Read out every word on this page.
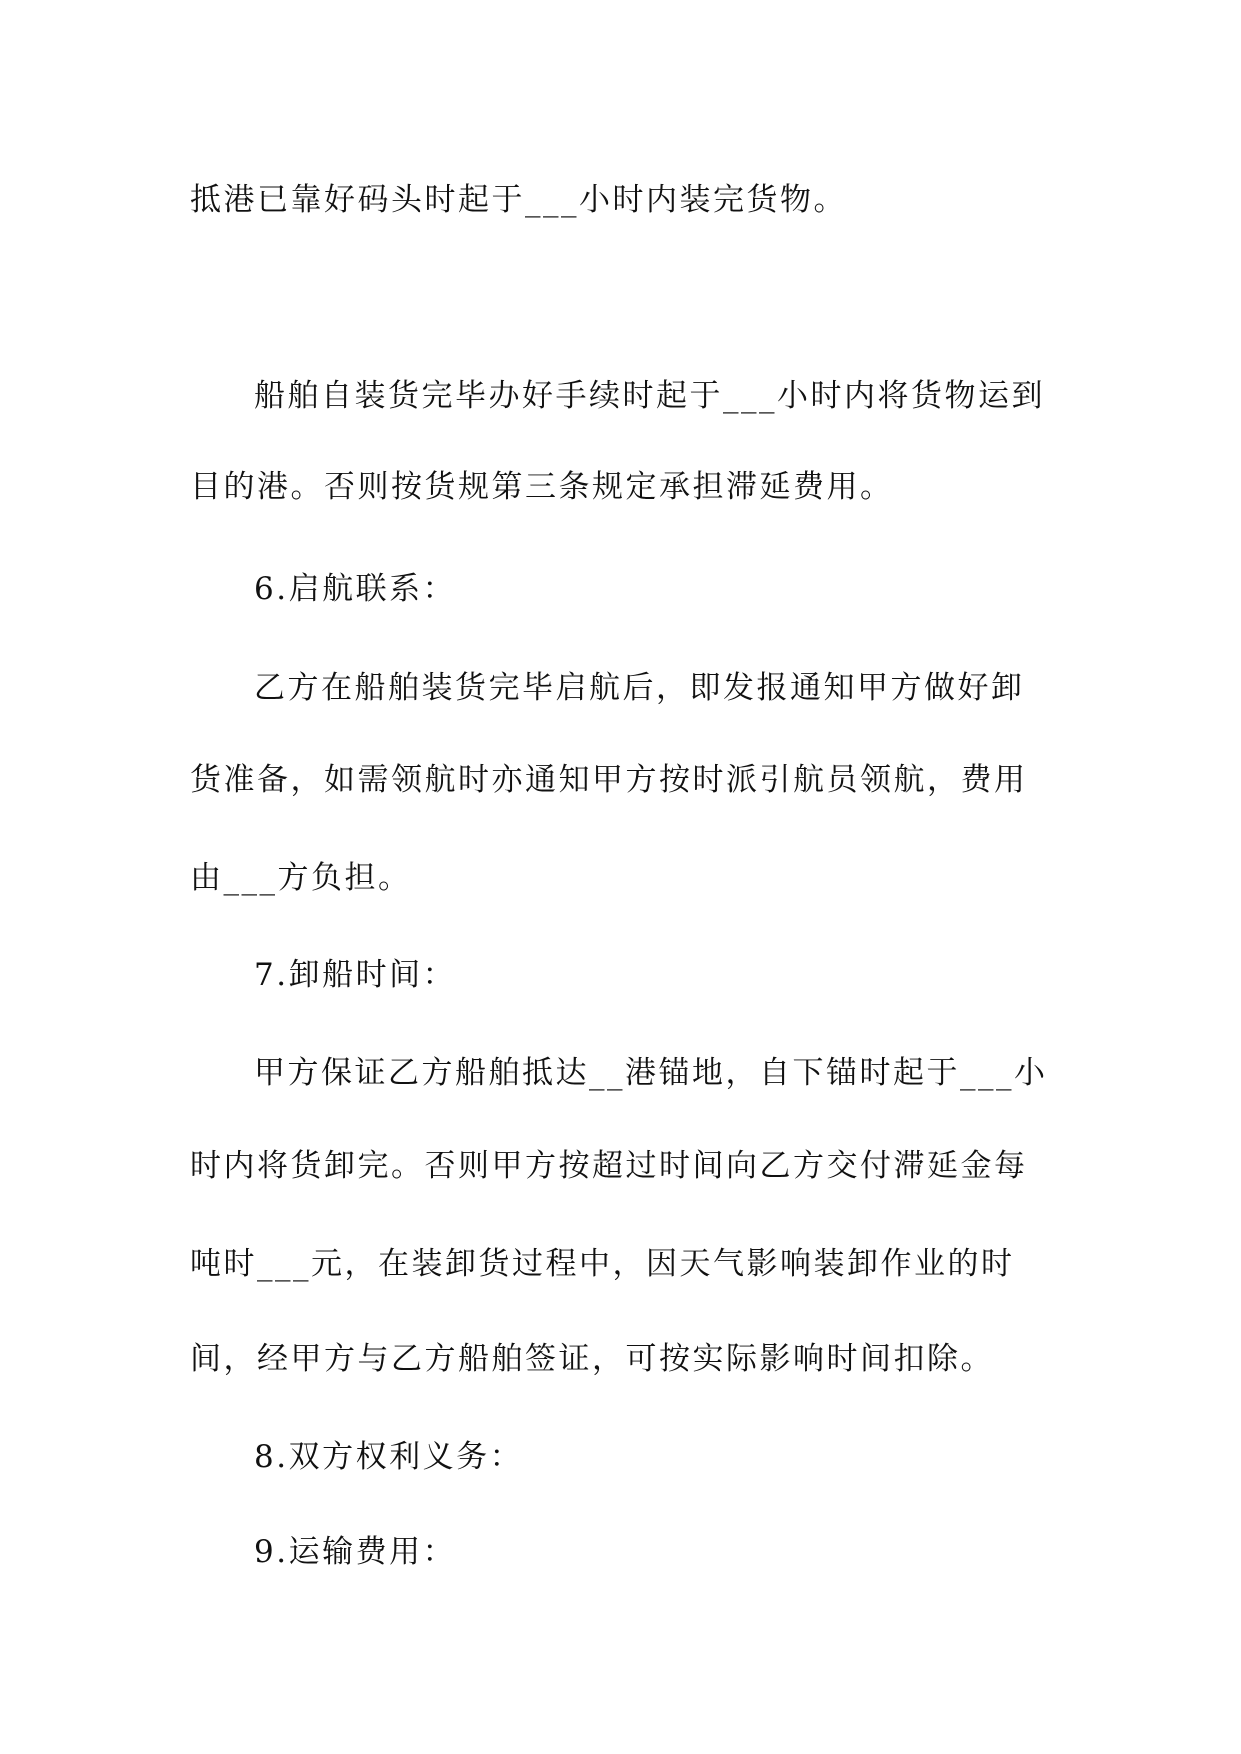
抵港已靠好码头时起于___小时内装完货物。

船舶自装货完毕办好手续时起于___小时内将货物运到

目的港。否则按货规第三条规定承担滞延费用。

6.启航联系：

乙方在船舶装货完毕启航后，即发报通知甲方做好卸

货准备，如需领航时亦通知甲方按时派引航员领航，费用

由___方负担。

7.卸船时间：

甲方保证乙方船舶抵达__港锚地，自下锚时起于___小

时内将货卸完。否则甲方按超过时间向乙方交付滞延金每

吨时___元，在装卸货过程中，因天气影响装卸作业的时

间，经甲方与乙方船舶签证，可按实际影响时间扣除。

8.双方权利义务：

9.运输费用：
